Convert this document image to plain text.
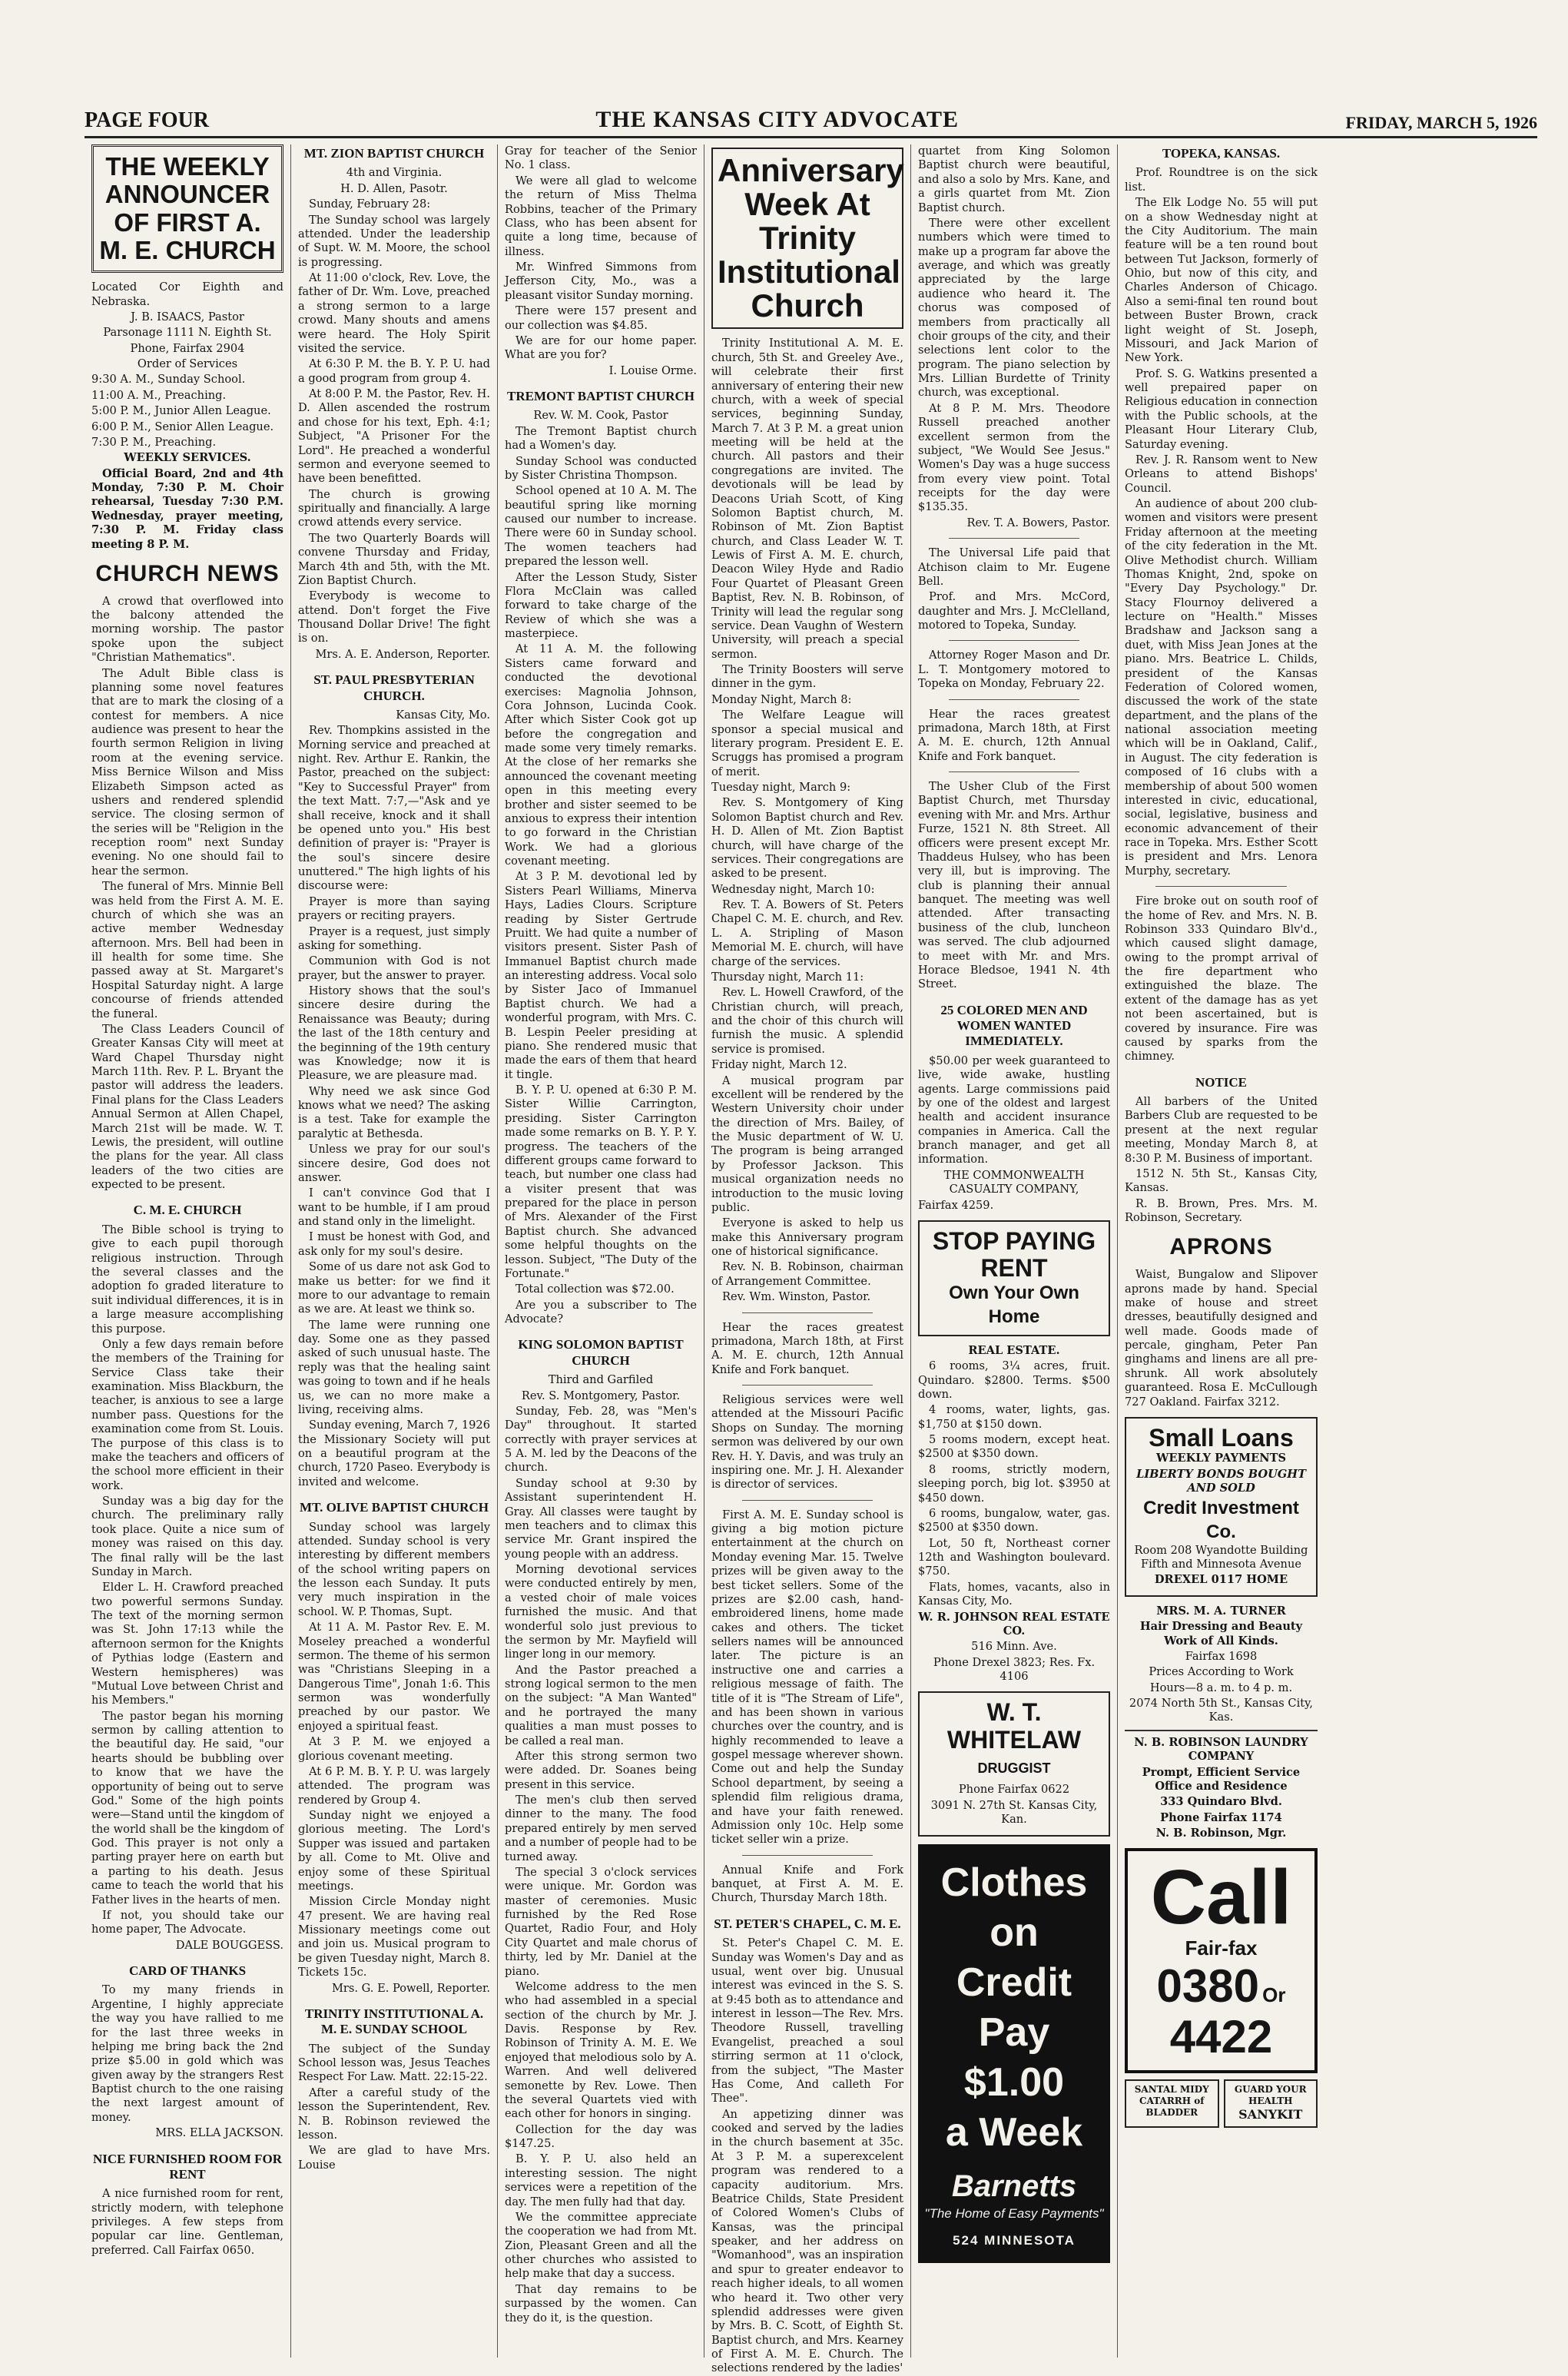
PAGE FOUR	THE KANSAS CITY ADVOCATE	FRIDAY, MARCH 5, 1926
THE WEEKLY ANNOUNCER OF FIRST A. M. E. CHURCH

Located Cor Eighth and Nebraska.

J. B. ISAACS, Pastor

Parsonage 1111 N. Eighth St.

Phone, Fairfax 2904

Order of Services

9:30 A. M., Sunday School.

11:00 A. M., Preaching.

5:00 P. M., Junior Allen League.

6:00 P. M., Senior Allen League.

7:30 P. M., Preaching.

WEEKLY SERVICES.

Official Board, 2nd and 4th Monday, 7:30 P. M. Choir rehearsal, Tuesday 7:30 P.M. Wednesday, prayer meeting, 7:30 P. M. Friday class meeting 8 P. M.

CHURCH NEWS

A crowd that overflowed into the balcony attended the morning worship. The pastor spoke upon the subject "Christian Mathematics".

The Adult Bible class is planning some novel features that are to mark the closing of a contest for members. A nice audience was present to hear the fourth sermon Religion in living room at the evening service. Miss Bernice Wilson and Miss Elizabeth Simpson acted as ushers and rendered splendid service. The closing sermon of the series will be "Religion in the reception room" next Sunday evening. No one should fail to hear the sermon.

The funeral of Mrs. Minnie Bell was held from the First A. M. E. church of which she was an active member Wednesday afternoon. Mrs. Bell had been in ill health for some time. She passed away at St. Margaret's Hospital Saturday night. A large concourse of friends attended the funeral.

The Class Leaders Council of Greater Kansas City will meet at Ward Chapel Thursday night March 11th. Rev. P. L. Bryant the pastor will address the leaders. Final plans for the Class Leaders Annual Sermon at Allen Chapel, March 21st will be made. W. T. Lewis, the president, will outline the plans for the year. All class leaders of the two cities are expected to be present.

C. M. E. CHURCH

The Bible school is trying to give to each pupil thorough religious instruction. Through the several classes and the adoption fo graded literature to suit individual differences, it is in a large measure accomplishing this purpose.

Only a few days remain before the members of the Training for Service Class take their examination. Miss Blackburn, the teacher, is anxious to see a large number pass. Questions for the examination come from St. Louis. The purpose of this class is to make the teachers and officers of the school more efficient in their work.

Sunday was a big day for the church. The preliminary rally took place. Quite a nice sum of money was raised on this day. The final rally will be the last Sunday in March.

Elder L. H. Crawford preached two powerful sermons Sunday. The text of the morning sermon was St. John 17:13 while the afternoon sermon for the Knights of Pythias lodge (Eastern and Western hemispheres) was "Mutual Love between Christ and his Members."

The pastor began his morning sermon by calling attention to the beautiful day. He said, "our hearts should be bubbling over to know that we have the opportunity of being out to serve God." Some of the high points were—Stand until the kingdom of the world shall be the kingdom of God. This prayer is not only a parting prayer here on earth but a parting to his death. Jesus came to teach the world that his Father lives in the hearts of men.

If not, you should take our home paper, The Advocate.

DALE BOUGGESS.

CARD OF THANKS

To my many friends in Argentine, I highly appreciate the way you have rallied to me for the last three weeks in helping me bring back the 2nd prize $5.00 in gold which was given away by the strangers Rest Baptist church to the one raising the next largest amount of money.

MRS. ELLA JACKSON.

NICE FURNISHED ROOM FOR RENT

A nice furnished room for rent, strictly modern, with telephone privileges. A few steps from popular car line. Gentleman, preferred. Call Fairfax 0650.

MT. ZION BAPTIST CHURCH

4th and Virginia.

H. D. Allen, Pasotr.

Sunday, February 28:

The Sunday school was largely attended. Under the leadership of Supt. W. M. Moore, the school is progressing.

At 11:00 o'clock, Rev. Love, the father of Dr. Wm. Love, preached a strong sermon to a large crowd. Many shouts and amens were heard. The Holy Spirit visited the service.

At 6:30 P. M. the B. Y. P. U. had a good program from group 4.

At 8:00 P. M. the Pastor, Rev. H. D. Allen ascended the rostrum and chose for his text, Eph. 4:1; Subject, "A Prisoner For the Lord". He preached a wonderful sermon and everyone seemed to have been benefitted.

The church is growing spiritually and financially. A large crowd attends every service.

The two Quarterly Boards will convene Thursday and Friday, March 4th and 5th, with the Mt. Zion Baptist Church.

Everybody is wecome to attend. Don't forget the Five Thousand Dollar Drive! The fight is on.

Mrs. A. E. Anderson, Reporter.

ST. PAUL PRESBYTERIAN CHURCH.

Kansas City, Mo.

Rev. Thompkins assisted in the Morning service and preached at night. Rev. Arthur E. Rankin, the Pastor, preached on the subject: "Key to Successful Prayer" from the text Matt. 7:7,—"Ask and ye shall receive, knock and it shall be opened unto you." His best definition of prayer is: "Prayer is the soul's sincere desire unuttered." The high lights of his discourse were:

Prayer is more than saying prayers or reciting prayers.

Prayer is a request, just simply asking for something.

Communion with God is not prayer, but the answer to prayer.

History shows that the soul's sincere desire during the Renaissance was Beauty; during the last of the 18th century and the beginning of the 19th century was Knowledge; now it is Pleasure, we are pleasure mad.

Why need we ask since God knows what we need? The asking is a test. Take for example the paralytic at Bethesda.

Unless we pray for our soul's sincere desire, God does not answer.

I can't convince God that I want to be humble, if I am proud and stand only in the limelight.

I must be honest with God, and ask only for my soul's desire.

Some of us dare not ask God to make us better: for we find it more to our advantage to remain as we are. At least we think so.

The lame were running one day. Some one as they passed asked of such unusual haste. The reply was that the healing saint was going to town and if he heals us, we can no more make a living, receiving alms.

Sunday evening, March 7, 1926 the Missionary Society will put on a beautiful program at the church, 1720 Paseo. Everybody is invited and welcome.

MT. OLIVE BAPTIST CHURCH

Sunday school was largely attended. Sunday school is very interesting by different members of the school writing papers on the lesson each Sunday. It puts very much inspiration in the school. W. P. Thomas, Supt.

At 11 A. M. Pastor Rev. E. M. Moseley preached a wonderful sermon. The theme of his sermon was "Christians Sleeping in a Dangerous Time", Jonah 1:6. This sermon was wonderfully preached by our pastor. We enjoyed a spiritual feast.

At 3 P. M. we enjoyed a glorious covenant meeting.

At 6 P. M. B. Y. P. U. was largely attended. The program was rendered by Group 4.

Sunday night we enjoyed a glorious meeting. The Lord's Supper was issued and partaken by all. Come to Mt. Olive and enjoy some of these Spiritual meetings.

Mission Circle Monday night 47 present. We are having real Missionary meetings come out and join us. Musical program to be given Tuesday night, March 8. Tickets 15c.

Mrs. G. E. Powell, Reporter.

TRINITY INSTITUTIONAL A. M. E. SUNDAY SCHOOL

The subject of the Sunday School lesson was, Jesus Teaches Respect For Law. Matt. 22:15-22.

After a careful study of the lesson the Superintendent, Rev. N. B. Robinson reviewed the lesson.

We are glad to have Mrs. Louise

Gray for teacher of the Senior No. 1 class.

We were all glad to welcome the return of Miss Thelma Robbins, teacher of the Primary Class, who has been absent for quite a long time, because of illness.

Mr. Winfred Simmons from Jefferson City, Mo., was a pleasant visitor Sunday morning.

There were 157 present and our collection was $4.85.

We are for our home paper. What are you for?

I. Louise Orme.

TREMONT BAPTIST CHURCH

Rev. W. M. Cook, Pastor

The Tremont Baptist church had a Women's day.

Sunday School was conducted by Sister Christina Thompson.

School opened at 10 A. M. The beautiful spring like morning caused our number to increase. There were 60 in Sunday school. The women teachers had prepared the lesson well.

After the Lesson Study, Sister Flora McClain was called forward to take charge of the Review of which she was a masterpiece.

At 11 A. M. the following Sisters came forward and conducted the devotional exercises: Magnolia Johnson, Cora Johnson, Lucinda Cook. After which Sister Cook got up before the congregation and made some very timely remarks. At the close of her remarks she announced the covenant meeting open in this meeting every brother and sister seemed to be anxious to express their intention to go forward in the Christian Work. We had a glorious covenant meeting.

At 3 P. M. devotional led by Sisters Pearl Williams, Minerva Hays, Ladies Clours. Scripture reading by Sister Gertrude Pruitt. We had quite a number of visitors present. Sister Pash of Immanuel Baptist church made an interesting address. Vocal solo by Sister Jaco of Immanuel Baptist church. We had a wonderful program, with Mrs. C. B. Lespin Peeler presiding at piano. She rendered music that made the ears of them that heard it tingle.

B. Y. P. U. opened at 6:30 P. M. Sister Willie Carrington, presiding. Sister Carrington made some remarks on B. Y. P. Y. progress. The teachers of the different groups came forward to teach, but number one class had a visiter present that was prepared for the place in person of Mrs. Alexander of the First Baptist church. She advanced some helpful thoughts on the lesson. Subject, "The Duty of the Fortunate."

Total collection was $72.00.

Are you a subscriber to The Advocate?

KING SOLOMON BAPTIST CHURCH

Third and Garfiled

Rev. S. Montgomery, Pastor.

Sunday, Feb. 28, was "Men's Day" throughout. It started correctly with prayer services at 5 A. M. led by the Deacons of the church.

Sunday school at 9:30 by Assistant superintendent H. Gray. All classes were taught by men teachers and to climax this service Mr. Grant inspired the young people with an address.

Morning devotional services were conducted entirely by men, a vested choir of male voices furnished the music. And that wonderful solo just previous to the sermon by Mr. Mayfield will linger long in our memory.

And the Pastor preached a strong logical sermon to the men on the subject: "A Man Wanted" and he portrayed the many qualities a man must posses to be called a real man.

After this strong sermon two were added. Dr. Soanes being present in this service.

The men's club then served dinner to the many. The food prepared entirely by men served and a number of people had to be turned away.

The special 3 o'clock services were unique. Mr. Gordon was master of ceremonies. Music furnished by the Red Rose Quartet, Radio Four, and Holy City Quartet and male chorus of thirty, led by Mr. Daniel at the piano.

Welcome address to the men who had assembled in a special section of the church by Mr. J. Davis. Response by Rev. Robinson of Trinity A. M. E. We enjoyed that melodious solo by A. Warren. And well delivered semonette by Rev. Lowe. Then the several Quartets vied with each other for honors in singing.

Collection for the day was $147.25.

B. Y. P. U. also held an interesting session. The night services were a repetition of the day. The men fully had that day.

We the committee appreciate the cooperation we had from Mt. Zion, Pleasant Green and all the other churches who assisted to help make that day a success.

That day remains to be surpassed by the women. Can they do it, is the question.

Anniversary Week At Trinity Institutional Church

Trinity Institutional A. M. E. church, 5th St. and Greeley Ave., will celebrate their first anniversary of entering their new church, with a week of special services, beginning Sunday, March 7. At 3 P. M. a great union meeting will be held at the church. All pastors and their congregations are invited. The devotionals will be lead by Deacons Uriah Scott, of King Solomon Baptist church, M. Robinson of Mt. Zion Baptist church, and Class Leader W. T. Lewis of First A. M. E. church, Deacon Wiley Hyde and Radio Four Quartet of Pleasant Green Baptist, Rev. N. B. Robinson, of Trinity will lead the regular song service. Dean Vaughn of Western University, will preach a special sermon.

The Trinity Boosters will serve dinner in the gym.

Monday Night, March 8:

The Welfare League will sponsor a special musical and literary program. President E. E. Scruggs has promised a program of merit.

Tuesday night, March 9:

Rev. S. Montgomery of King Solomon Baptist church and Rev. H. D. Allen of Mt. Zion Baptist church, will have charge of the services. Their congregations are asked to be present.

Wednesday night, March 10:

Rev. T. A. Bowers of St. Peters Chapel C. M. E. church, and Rev. L. A. Stripling of Mason Memorial M. E. church, will have charge of the services.

Thursday night, March 11:

Rev. L. Howell Crawford, of the Christian church, will preach, and the choir of this church will furnish the music. A splendid service is promised.

Friday night, March 12.

A musical program par excellent will be rendered by the Western University choir under the direction of Mrs. Bailey, of the Music department of W. U. The program is being arranged by Professor Jackson. This musical organization needs no introduction to the music loving public.

Everyone is asked to help us make this Anniversary program one of historical significance.

Rev. N. B. Robinson, chairman of Arrangement Committee.

Rev. Wm. Winston, Pastor.

Hear the races greatest primadona, March 18th, at First A. M. E. church, 12th Annual Knife and Fork banquet.

Religious services were well attended at the Missouri Pacific Shops on Sunday. The morning sermon was delivered by our own Rev. H. Y. Davis, and was truly an inspiring one. Mr. J. H. Alexander is director of services.

First A. M. E. Sunday school is giving a big motion picture entertainment at the church on Monday evening Mar. 15. Twelve prizes will be given away to the best ticket sellers. Some of the prizes are $2.00 cash, hand-embroidered linens, home made cakes and others. The ticket sellers names will be announced later. The picture is an instructive one and carries a religious message of faith. The title of it is "The Stream of Life", and has been shown in various churches over the country, and is highly recommended to leave a gospel message wherever shown. Come out and help the Sunday School department, by seeing a splendid film religious drama, and have your faith renewed. Admission only 10c. Help some ticket seller win a prize.

Annual Knife and Fork banquet, at First A. M. E. Church, Thursday March 18th.

ST. PETER'S CHAPEL, C. M. E.

St. Peter's Chapel C. M. E. Sunday was Women's Day and as usual, went over big. Unusual interest was evinced in the S. S. at 9:45 both as to attendance and interest in lesson—The Rev. Mrs. Theodore Russell, travelling Evangelist, preached a soul stirring sermon at 11 o'clock, from the subject, "The Master Has Come, And calleth For Thee".

An appetizing dinner was cooked and served by the ladies in the church basement at 35c. At 3 P. M. a superexcelent program was rendered to a capacity auditorium. Mrs. Beatrice Childs, State President of Colored Women's Clubs of Kansas, was the principal speaker, and her address on "Womanhood", was an inspiration and spur to greater endeavor to reach higher ideals, to all women who heard it. Two other very splendid addresses were given by Mrs. B. C. Scott, of Eighth St. Baptist church, and Mrs. Kearney of First A. M. E. Church. The selections rendered by the ladies'

quartet from King Solomon Baptist church were beautiful, and also a solo by Mrs. Kane, and a girls quartet from Mt. Zion Baptist church.

There were other excellent numbers which were timed to make up a program far above the average, and which was greatly appreciated by the large audience who heard it. The chorus was composed of members from practically all choir groups of the city, and their selections lent color to the program. The piano selection by Mrs. Lillian Burdette of Trinity church, was exceptional.

At 8 P. M. Mrs. Theodore Russell preached another excellent sermon from the subject, "We Would See Jesus." Women's Day was a huge success from every view point. Total receipts for the day were $135.35.

Rev. T. A. Bowers, Pastor.

The Universal Life paid that Atchison claim to Mr. Eugene Bell.

Prof. and Mrs. McCord, daughter and Mrs. J. McClelland, motored to Topeka, Sunday.

Attorney Roger Mason and Dr. L. T. Montgomery motored to Topeka on Monday, February 22.

Hear the races greatest primadona, March 18th, at First A. M. E. church, 12th Annual Knife and Fork banquet.

The Usher Club of the First Baptist Church, met Thursday evening with Mr. and Mrs. Arthur Furze, 1521 N. 8th Street. All officers were present except Mr. Thaddeus Hulsey, who has been very ill, but is improving. The club is planning their annual banquet. The meeting was well attended. After transacting business of the club, luncheon was served. The club adjourned to meet with Mr. and Mrs. Horace Bledsoe, 1941 N. 4th Street.

25 COLORED MEN AND WOMEN WANTED IMMEDIATELY.

$50.00 per week guaranteed to live, wide awake, hustling agents. Large commissions paid by one of the oldest and largest health and accident insurance companies in America. Call the branch manager, and get all information.

THE COMMONWEALTH CASUALTY COMPANY,

Fairfax 4259.

STOP PAYING RENT
Own Your Own Home

REAL ESTATE.

6 rooms, 3¼ acres, fruit. Quindaro. $2800. Terms. $500 down.

4 rooms, water, lights, gas. $1,750 at $150 down.

5 rooms modern, except heat. $2500 at $350 down.

8 rooms, strictly modern, sleeping porch, big lot. $3950 at $450 down.

6 rooms, bungalow, water, gas. $2500 at $350 down.

Lot, 50 ft, Northeast corner 12th and Washington boulevard. $750.

Flats, homes, vacants, also in Kansas City, Mo.

W. R. JOHNSON REAL ESTATE CO.

516 Minn. Ave.

Phone Drexel 3823; Res. Fx. 4106

W. T. WHITELAW
DRUGGIST

Phone Fairfax 0622

3091 N. 27th St. Kansas City, Kan.

Clothes
on
Credit
Pay
$1.00
a Week
Barnetts
"The Home of Easy Payments"
524 MINNESOTA
TOPEKA, KANSAS.

Prof. Roundtree is on the sick list.

The Elk Lodge No. 55 will put on a show Wednesday night at the City Auditorium. The main feature will be a ten round bout between Tut Jackson, formerly of Ohio, but now of this city, and Charles Anderson of Chicago. Also a semi-final ten round bout between Buster Brown, crack light weight of St. Joseph, Missouri, and Jack Marion of New York.

Prof. S. G. Watkins presented a well prepaired paper on Religious education in connection with the Public schools, at the Pleasant Hour Literary Club, Saturday evening.

Rev. J. R. Ransom went to New Orleans to attend Bishops' Council.

An audience of about 200 club-women and visitors were present Friday afternoon at the meeting of the city federation in the Mt. Olive Methodist church. William Thomas Knight, 2nd, spoke on "Every Day Psychology." Dr. Stacy Flournoy delivered a lecture on "Health." Misses Bradshaw and Jackson sang a duet, with Miss Jean Jones at the piano. Mrs. Beatrice L. Childs, president of the Kansas Federation of Colored women, discussed the work of the state department, and the plans of the national association meeting which will be in Oakland, Calif., in August. The city federation is composed of 16 clubs with a membership of about 500 women interested in civic, educational, social, legislative, business and economic advancement of their race in Topeka. Mrs. Esther Scott is president and Mrs. Lenora Murphy, secretary.

Fire broke out on south roof of the home of Rev. and Mrs. N. B. Robinson 333 Quindaro Blv'd., which caused slight damage, owing to the prompt arrival of the fire department who extinguished the blaze. The extent of the damage has as yet not been ascertained, but is covered by insurance. Fire was caused by sparks from the chimney.

NOTICE

All barbers of the United Barbers Club are requested to be present at the next regular meeting, Monday March 8, at 8:30 P. M. Business of important.

1512 N. 5th St., Kansas City, Kansas.

R. B. Brown, Pres. Mrs. M. Robinson, Secretary.

APRONS

Waist, Bungalow and Slipover aprons made by hand. Special make of house and street dresses, beautifully designed and well made. Goods made of percale, gingham, Peter Pan ginghams and linens are all pre-shrunk. All work absolutely guaranteed. Rosa E. McCullough 727 Oakland. Fairfax 3212.

Small Loans

WEEKLY PAYMENTS

LIBERTY BONDS BOUGHT AND SOLD

Credit Investment Co.

Room 208 Wyandotte Building Fifth and Minnesota Avenue

DREXEL 0117 HOME

MRS. M. A. TURNER

Hair Dressing and Beauty Work of All Kinds.

Fairfax 1698

Prices According to Work

Hours—8 a. m. to 4 p. m.

2074 North 5th St., Kansas City, Kas.

N. B. ROBINSON LAUNDRY COMPANY

Prompt, Efficient Service Office and Residence

333 Quindaro Blvd.

Phone Fairfax 1174

N. B. Robinson, Mgr.

Call
Fair-fax 0380 Or
4422
SANTAL MIDY
CATARRH of BLADDER
GUARD YOUR HEALTH
SANYKIT
